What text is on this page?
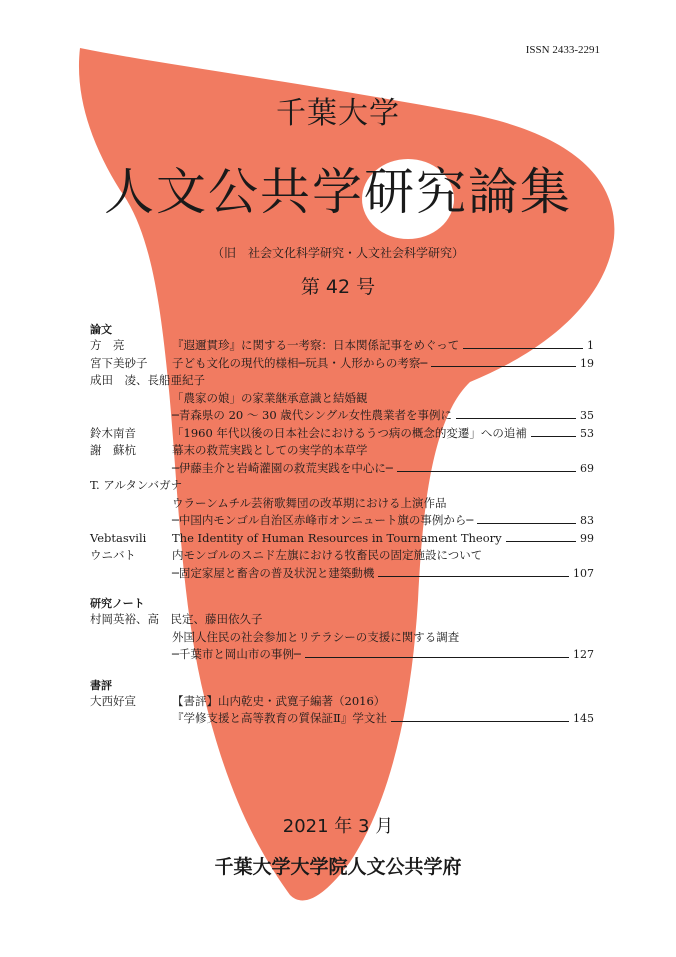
ISSN 2433-2291
千葉大学
人文公共学研究論集
（旧　社会文化科学研究・人文社会科学研究）
第 42 号
論文
方　亮	『遐邇貫珍』に関する一考察：日本関係記事をめぐって	1
宮下美砂子 子ども文化の現代的様相─玩具・人形からの考察─	19
成田　凌、長船亜紀子
「農家の娘」の家業継承意識と結婚観
─青森県の 20 〜 30 歳代シングル女性農業者を事例に	35
鈴木南音	「1960 年代以後の日本社会におけるうつ病の概念的変遷」への追補	53
謝　蘇杭	幕末の救荒実践としての実学的本草学
─伊藤圭介と岩崎灌園の救荒実践を中心に─	69
T. アルタンバガナ
ウラーンムチル芸術歌舞団の改革期における上演作品
─中国内モンゴル自治区赤峰市オンニュート旗の事例から─	83
Vebtasvili The Identity of Human Resources in Tournament Theory	99
ウニバト	内モンゴルのスニド左旗における牧畜民の固定施設について
─固定家屋と畜舎の普及状況と建築動機	107
研究ノート
村岡英裕、高　民定、藤田依久子
外国人住民の社会参加とリテラシーの支援に関する調査
─千葉市と岡山市の事例─	127
書評
大西好宣	【書評】山内乾史・武寛子編著（2016）
『学修支援と高等教育の質保証Ⅱ』学文社	145
2021 年 3 月
千葉大学大学院人文公共学府
